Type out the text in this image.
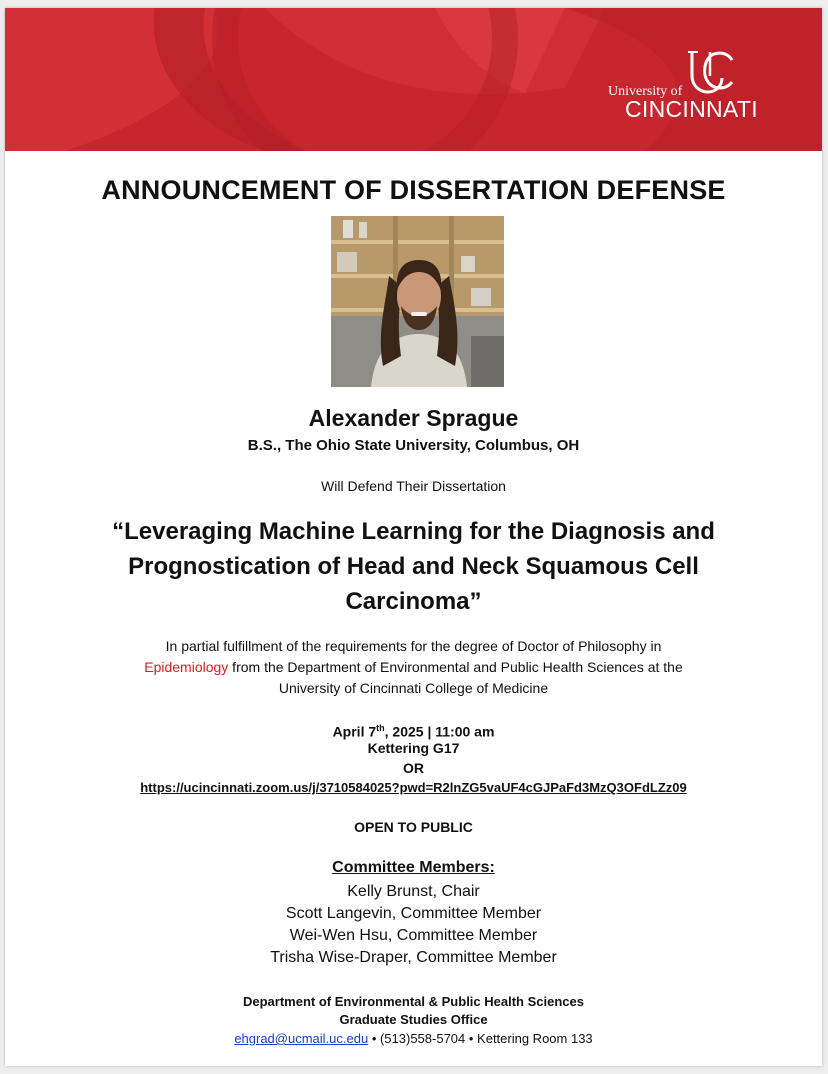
University of
CINCINNATI
ANNOUNCEMENT OF DISSERTATION DEFENSE
Alexander Sprague
B.S., The Ohio State University, Columbus, OH
Will Defend Their Dissertation
“Leveraging Machine Learning for the Diagnosis and
Prognostication of Head and Neck Squamous Cell
Carcinoma”
In partial fulfillment of the requirements for the degree of Doctor of Philosophy in
Epidemiology from the Department of Environmental and Public Health Sciences at the
University of Cincinnati College of Medicine
April 7th, 2025 | 11:00 am
Kettering G17
OR
https://ucincinnati.zoom.us/j/3710584025?pwd=R2lnZG5vaUF4cGJPaFd3MzQ3OFdLZz09
OPEN TO PUBLIC
Committee Members:
Kelly Brunst, Chair
Scott Langevin, Committee Member
Wei-Wen Hsu, Committee Member
Trisha Wise-Draper, Committee Member
Department of Environmental & Public Health Sciences
Graduate Studies Office
ehgrad@ucmail.uc.edu • (513)558-5704 • Kettering Room 133
